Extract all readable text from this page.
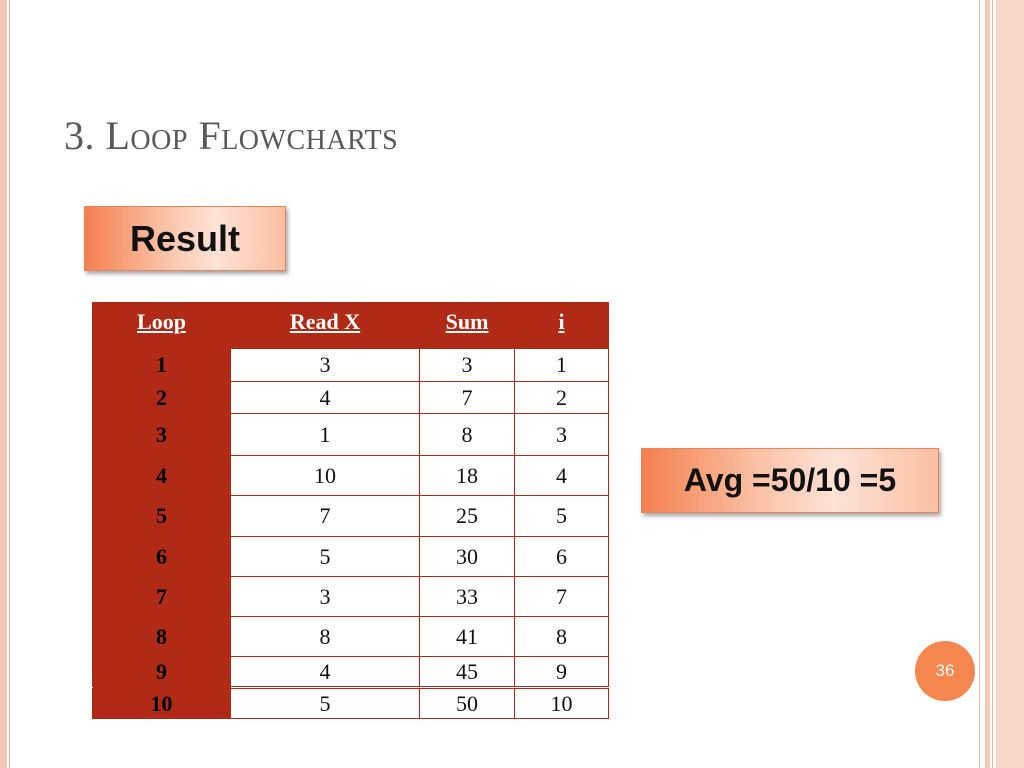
3. Loop Flowcharts
Result
Loop	Read X	Sum	i
1	3	3	1
2	4	7	2
3	1	8	3
4	10	18	4
5	7	25	5
6	5	30	6
7	3	33	7
8	8	41	8
9	4	45	9
10	5	50	10
Avg =50/10 =5
36
